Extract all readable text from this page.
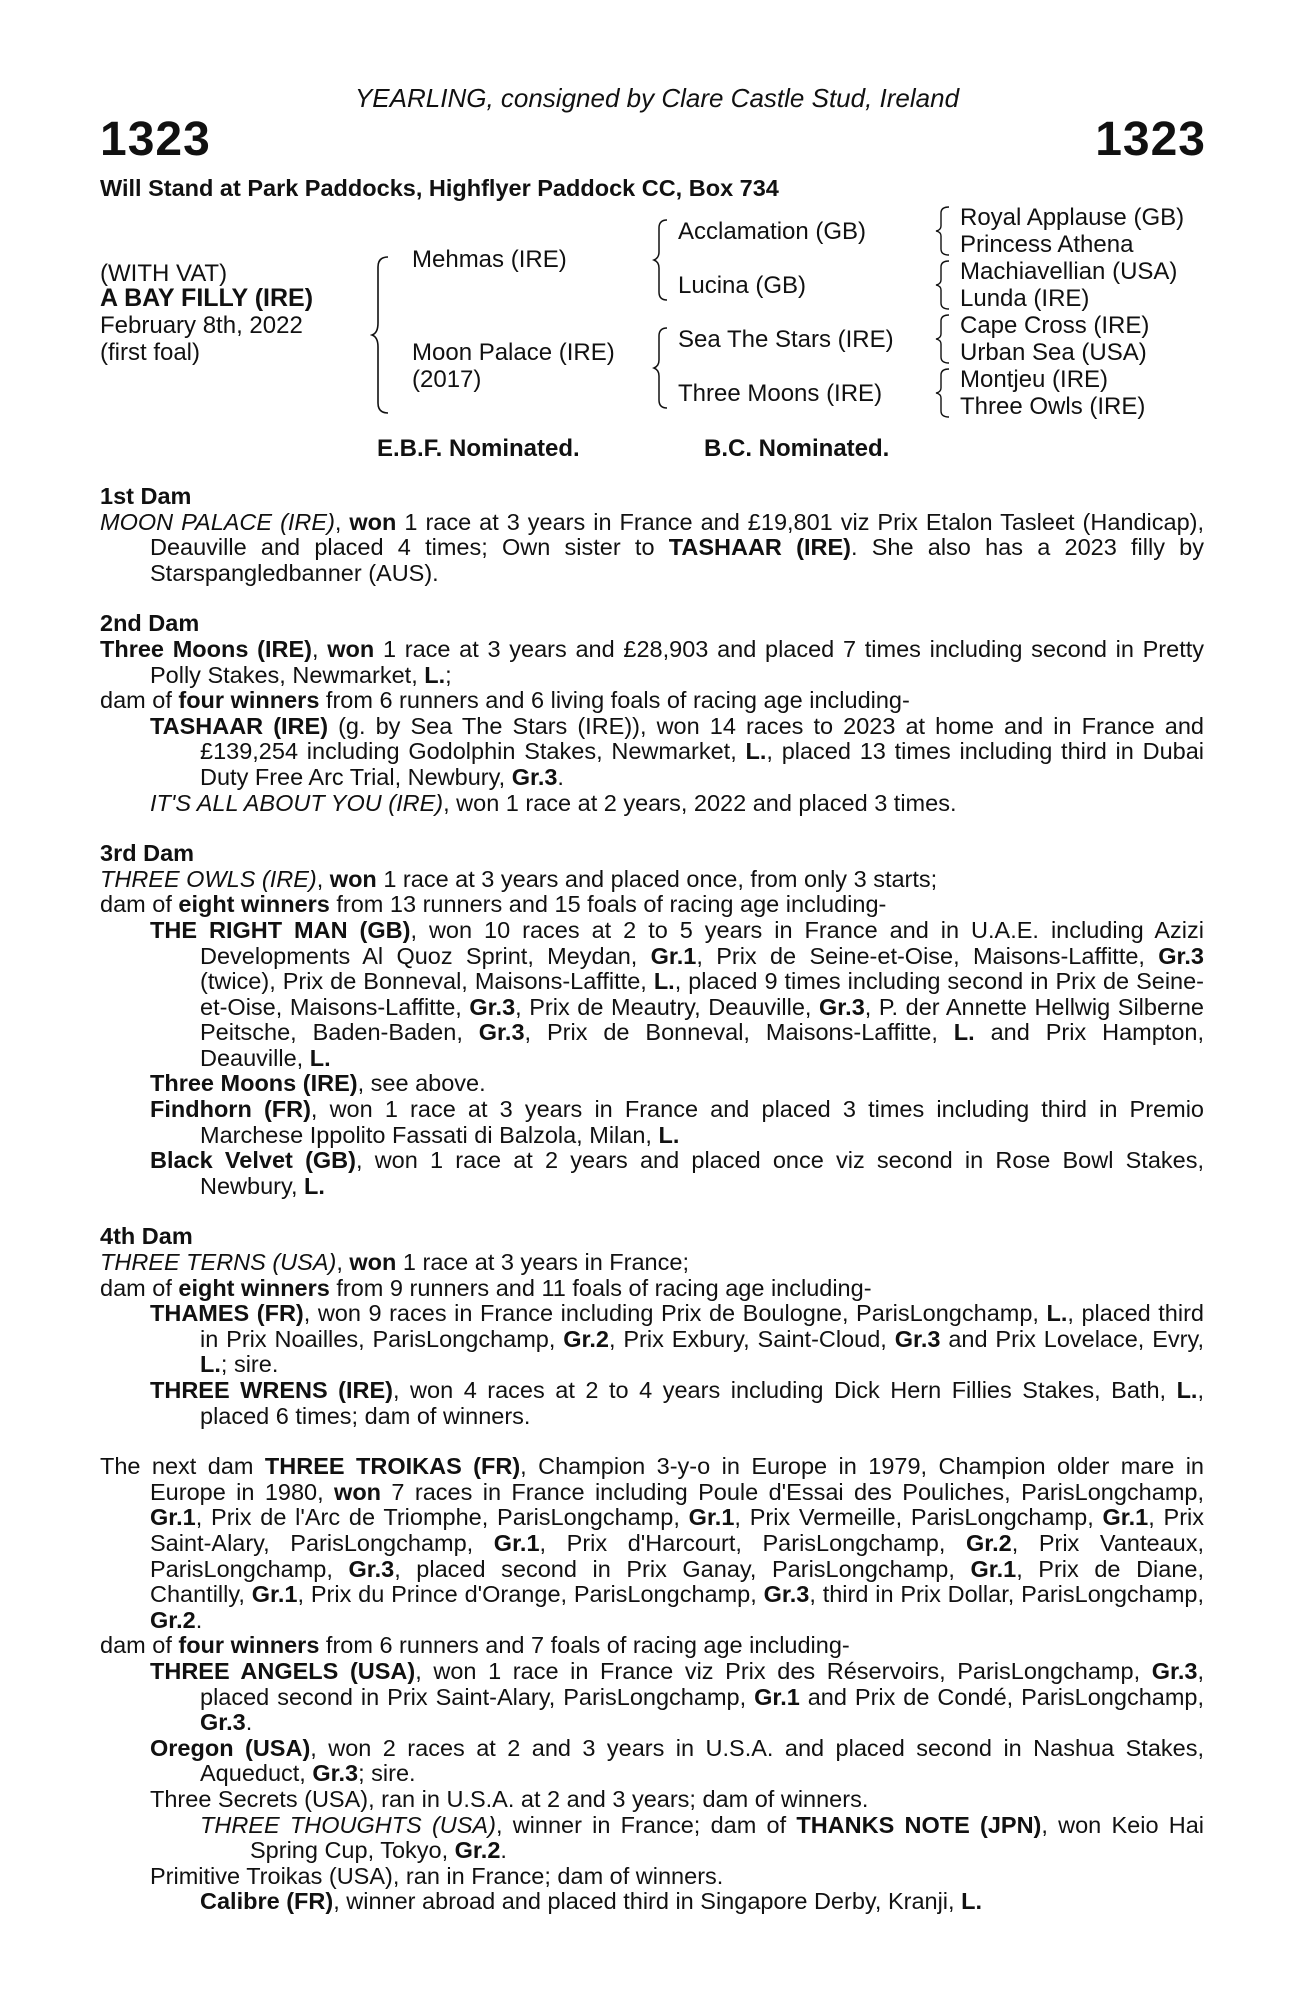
YEARLING, consigned by Clare Castle Stud, Ireland
1323	1323
Will Stand at Park Paddocks, Highflyer Paddock CC, Box 734
(WITH VAT)
A BAY FILLY (IRE)
February 8th, 2022
(first foal)
Mehmas (IRE)
Moon Palace (IRE)
(2017)
Acclamation (GB)
Lucina (GB)
Sea The Stars (IRE)
Three Moons (IRE)
Royal Applause (GB)
Princess Athena
Machiavellian (USA)
Lunda (IRE)
Cape Cross (IRE)
Urban Sea (USA)
Montjeu (IRE)
Three Owls (IRE)
E.B.F. Nominated.	B.C. Nominated.
1st Dam
MOON PALACE (IRE), won 1 race at 3 years in France and £19,801 viz Prix Etalon Tasleet (Handicap), Deauville and placed 4 times; Own sister to TASHAAR (IRE). She also has a 2023 filly by Starspangledbanner (AUS).
2nd Dam
Three Moons (IRE), won 1 race at 3 years and £28,903 and placed 7 times including second in Pretty Polly Stakes, Newmarket, L.;
dam of four winners from 6 runners and 6 living foals of racing age including-
TASHAAR (IRE) (g. by Sea The Stars (IRE)), won 14 races to 2023 at home and in France and £139,254 including Godolphin Stakes, Newmarket, L., placed 13 times including third in Dubai Duty Free Arc Trial, Newbury, Gr.3.
IT'S ALL ABOUT YOU (IRE), won 1 race at 2 years, 2022 and placed 3 times.
3rd Dam
THREE OWLS (IRE), won 1 race at 3 years and placed once, from only 3 starts;
dam of eight winners from 13 runners and 15 foals of racing age including-
THE RIGHT MAN (GB), won 10 races at 2 to 5 years in France and in U.A.E. including Azizi Developments Al Quoz Sprint, Meydan, Gr.1, Prix de Seine-et-Oise, Maisons-Laffitte, Gr.3 (twice), Prix de Bonneval, Maisons-Laffitte, L., placed 9 times including second in Prix de Seine-et-Oise, Maisons-Laffitte, Gr.3, Prix de Meautry, Deauville, Gr.3, P. der Annette Hellwig Silberne Peitsche, Baden-Baden, Gr.3, Prix de Bonneval, Maisons-Laffitte, L. and Prix Hampton, Deauville, L.
Three Moons (IRE), see above.
Findhorn (FR), won 1 race at 3 years in France and placed 3 times including third in Premio Marchese Ippolito Fassati di Balzola, Milan, L.
Black Velvet (GB), won 1 race at 2 years and placed once viz second in Rose Bowl Stakes, Newbury, L.
4th Dam
THREE TERNS (USA), won 1 race at 3 years in France;
dam of eight winners from 9 runners and 11 foals of racing age including-
THAMES (FR), won 9 races in France including Prix de Boulogne, ParisLongchamp, L., placed third in Prix Noailles, ParisLongchamp, Gr.2, Prix Exbury, Saint-Cloud, Gr.3 and Prix Lovelace, Evry, L.; sire.
THREE WRENS (IRE), won 4 races at 2 to 4 years including Dick Hern Fillies Stakes, Bath, L., placed 6 times; dam of winners.
The next dam THREE TROIKAS (FR), Champion 3-y-o in Europe in 1979, Champion older mare in Europe in 1980, won 7 races in France including Poule d'Essai des Pouliches, ParisLongchamp, Gr.1, Prix de l'Arc de Triomphe, ParisLongchamp, Gr.1, Prix Vermeille, ParisLongchamp, Gr.1, Prix Saint-Alary, ParisLongchamp, Gr.1, Prix d'Harcourt, ParisLongchamp, Gr.2, Prix Vanteaux, ParisLongchamp, Gr.3, placed second in Prix Ganay, ParisLongchamp, Gr.1, Prix de Diane, Chantilly, Gr.1, Prix du Prince d'Orange, ParisLongchamp, Gr.3, third in Prix Dollar, ParisLongchamp, Gr.2.
dam of four winners from 6 runners and 7 foals of racing age including-
THREE ANGELS (USA), won 1 race in France viz Prix des Réservoirs, ParisLongchamp, Gr.3, placed second in Prix Saint-Alary, ParisLongchamp, Gr.1 and Prix de Condé, ParisLongchamp, Gr.3.
Oregon (USA), won 2 races at 2 and 3 years in U.S.A. and placed second in Nashua Stakes, Aqueduct, Gr.3; sire.
Three Secrets (USA), ran in U.S.A. at 2 and 3 years; dam of winners.
THREE THOUGHTS (USA), winner in France; dam of THANKS NOTE (JPN), won Keio Hai Spring Cup, Tokyo, Gr.2.
Primitive Troikas (USA), ran in France; dam of winners.
Calibre (FR), winner abroad and placed third in Singapore Derby, Kranji, L.
